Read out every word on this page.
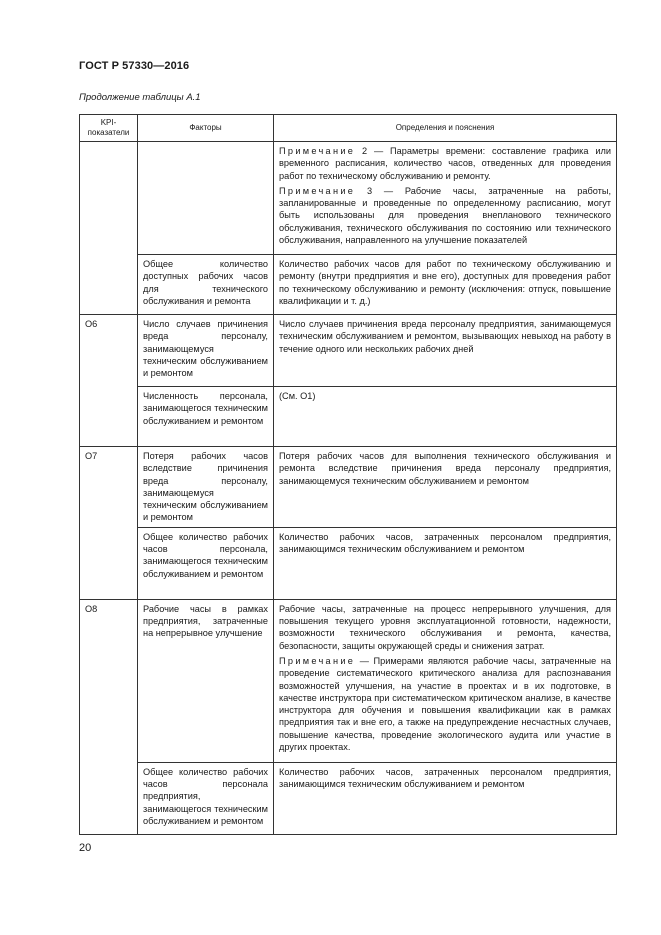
ГОСТ Р 57330—2016
Продолжение таблицы А.1
KPI-показатели	Факторы	Определения и пояснения

		Примечание 2 — Параметры времени: составление графика или временного расписания, количество часов, отведенных для проведения работ по техническому обслуживанию и ремонту.
Примечание 3 — Рабочие часы, затраченные на работы, запланированные и проведенные по определенному расписанию, могут быть использованы для проведения внепланового технического обслуживания, технического обслуживания по состоянию или технического обслуживания, направленного на улучшение показателей

	Общее количество доступных рабочих часов для технического обслуживания и ремонта	Количество рабочих часов для работ по техническому обслуживанию и ремонту (внутри предприятия и вне его), доступных для проведения работ по техническому обслуживанию и ремонту (исключения: отпуск, повышение квалификации и т. д.)
О6	Число случаев причинения вреда персоналу, занимающемуся техническим обслуживанием и ремонтом	Число случаев причинения вреда персоналу предприятия, занимающемуся техническим обслуживанием и ремонтом, вызывающих невыход на работу в течение одного или нескольких рабочих дней
	Численность персонала, занимающегося техническим обслуживанием и ремонтом	(См. О1)
О7	Потеря рабочих часов вследствие причинения вреда персоналу, занимающемуся техническим обслуживанием и ремонтом	Потеря рабочих часов для выполнения технического обслуживания и ремонта вследствие причинения вреда персоналу предприятия, занимающемуся техническим обслуживанием и ремонтом
	Общее количество рабочих часов персонала, занимающегося техническим обслуживанием и ремонтом	Количество рабочих часов, затраченных персоналом предприятия, занимающимся техническим обслуживанием и ремонтом
О8	Рабочие часы в рамках предприятия, затраченные на непрерывное улучшение	Рабочие часы, затраченные на процесс непрерывного улучшения, для повышения текущего уровня эксплуатационной готовности, надежности, возможности технического обслуживания и ремонта, качества, безопасности, защиты окружающей среды и снижения затрат.
Примечание — Примерами являются рабочие часы, затраченные на проведение систематического критического анализа для распознавания возможностей улучшения, на участие в проектах и в их подготовке, в качестве инструктора при систематическом критическом анализе, в качестве инструктора для обучения и повышения квалификации как в рамках предприятия так и вне его, а также на предупреждение несчастных случаев, повышение качества, проведение экологического аудита или участие в других проектах.

	Общее количество рабочих часов персонала предприятия, занимающегося техническим обслуживанием и ремонтом	Количество рабочих часов, затраченных персоналом предприятия, занимающимся техническим обслуживанием и ремонтом
20
